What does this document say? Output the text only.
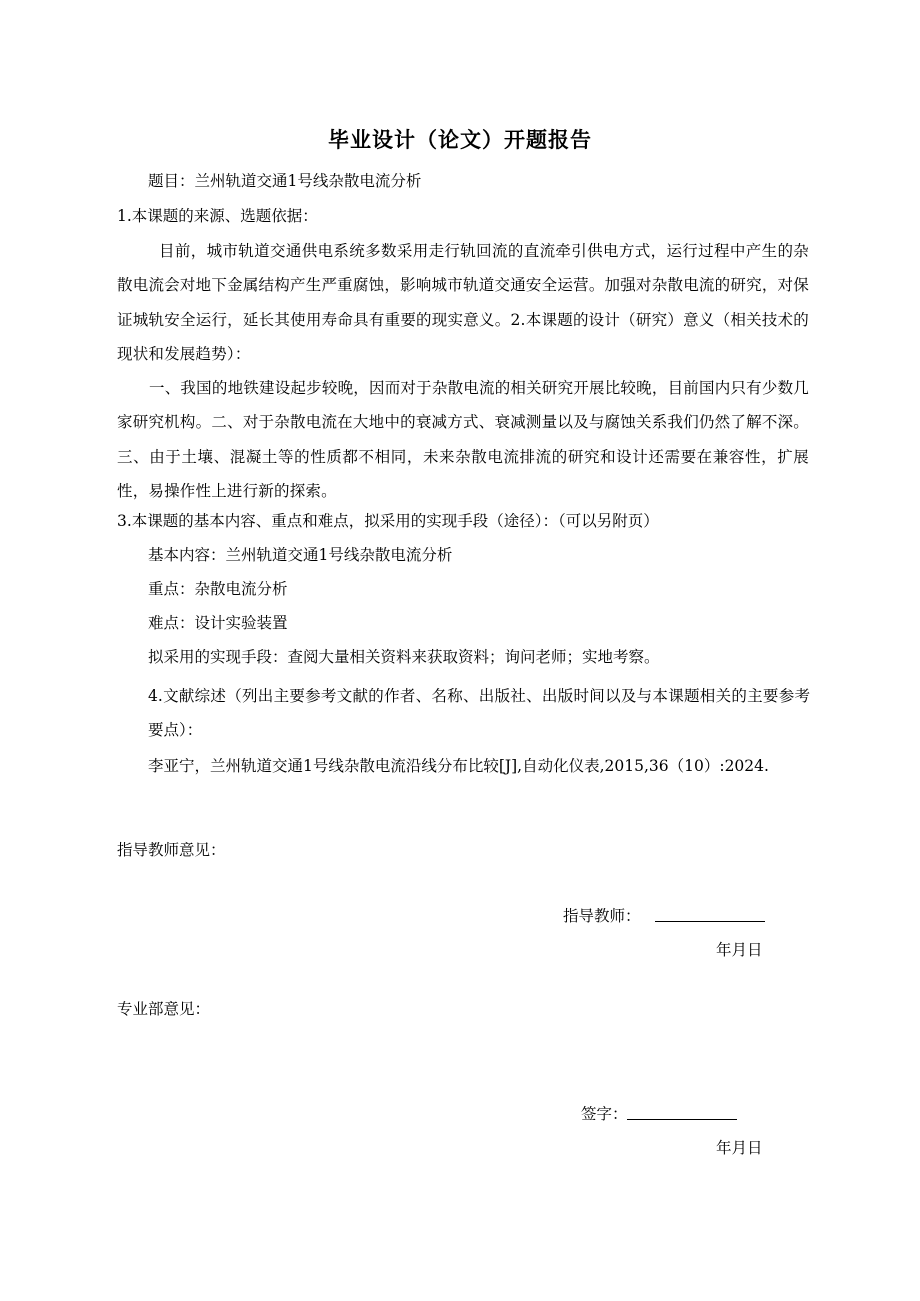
毕业设计（论文）开题报告
题目：兰州轨道交通1号线杂散电流分析
1.本课题的来源、选题依据：
目前，城市轨道交通供电系统多数采用走行轨回流的直流牵引供电方式，运行过程中产生的杂散电流会对地下金属结构产生严重腐蚀，影响城市轨道交通安全运营。加强对杂散电流的研究，对保证城轨安全运行，延长其使用寿命具有重要的现实意义。2.本课题的设计（研究）意义（相关技术的现状和发展趋势）：
一、我国的地铁建设起步较晚，因而对于杂散电流的相关研究开展比较晚，目前国内只有少数几家研究机构。二、对于杂散电流在大地中的衰减方式、衰减测量以及与腐蚀关系我们仍然了解不深。三、由于土壤、混凝土等的性质都不相同，未来杂散电流排流的研究和设计还需要在兼容性，扩展性，易操作性上进行新的探索。
3.本课题的基本内容、重点和难点，拟采用的实现手段（途径）：（可以另附页）
基本内容：兰州轨道交通1号线杂散电流分析
重点：杂散电流分析
难点：设计实验装置
拟采用的实现手段：查阅大量相关资料来获取资料；询问老师；实地考察。
4.文献综述（列出主要参考文献的作者、名称、出版社、出版时间以及与本课题相关的主要参考要点）：
李亚宁，兰州轨道交通1号线杂散电流沿线分布比较[J],自动化仪表,2015,36（10）:2024.
指导教师意见：
指导教师：
年月日
专业部意见：
签字：
年月日
